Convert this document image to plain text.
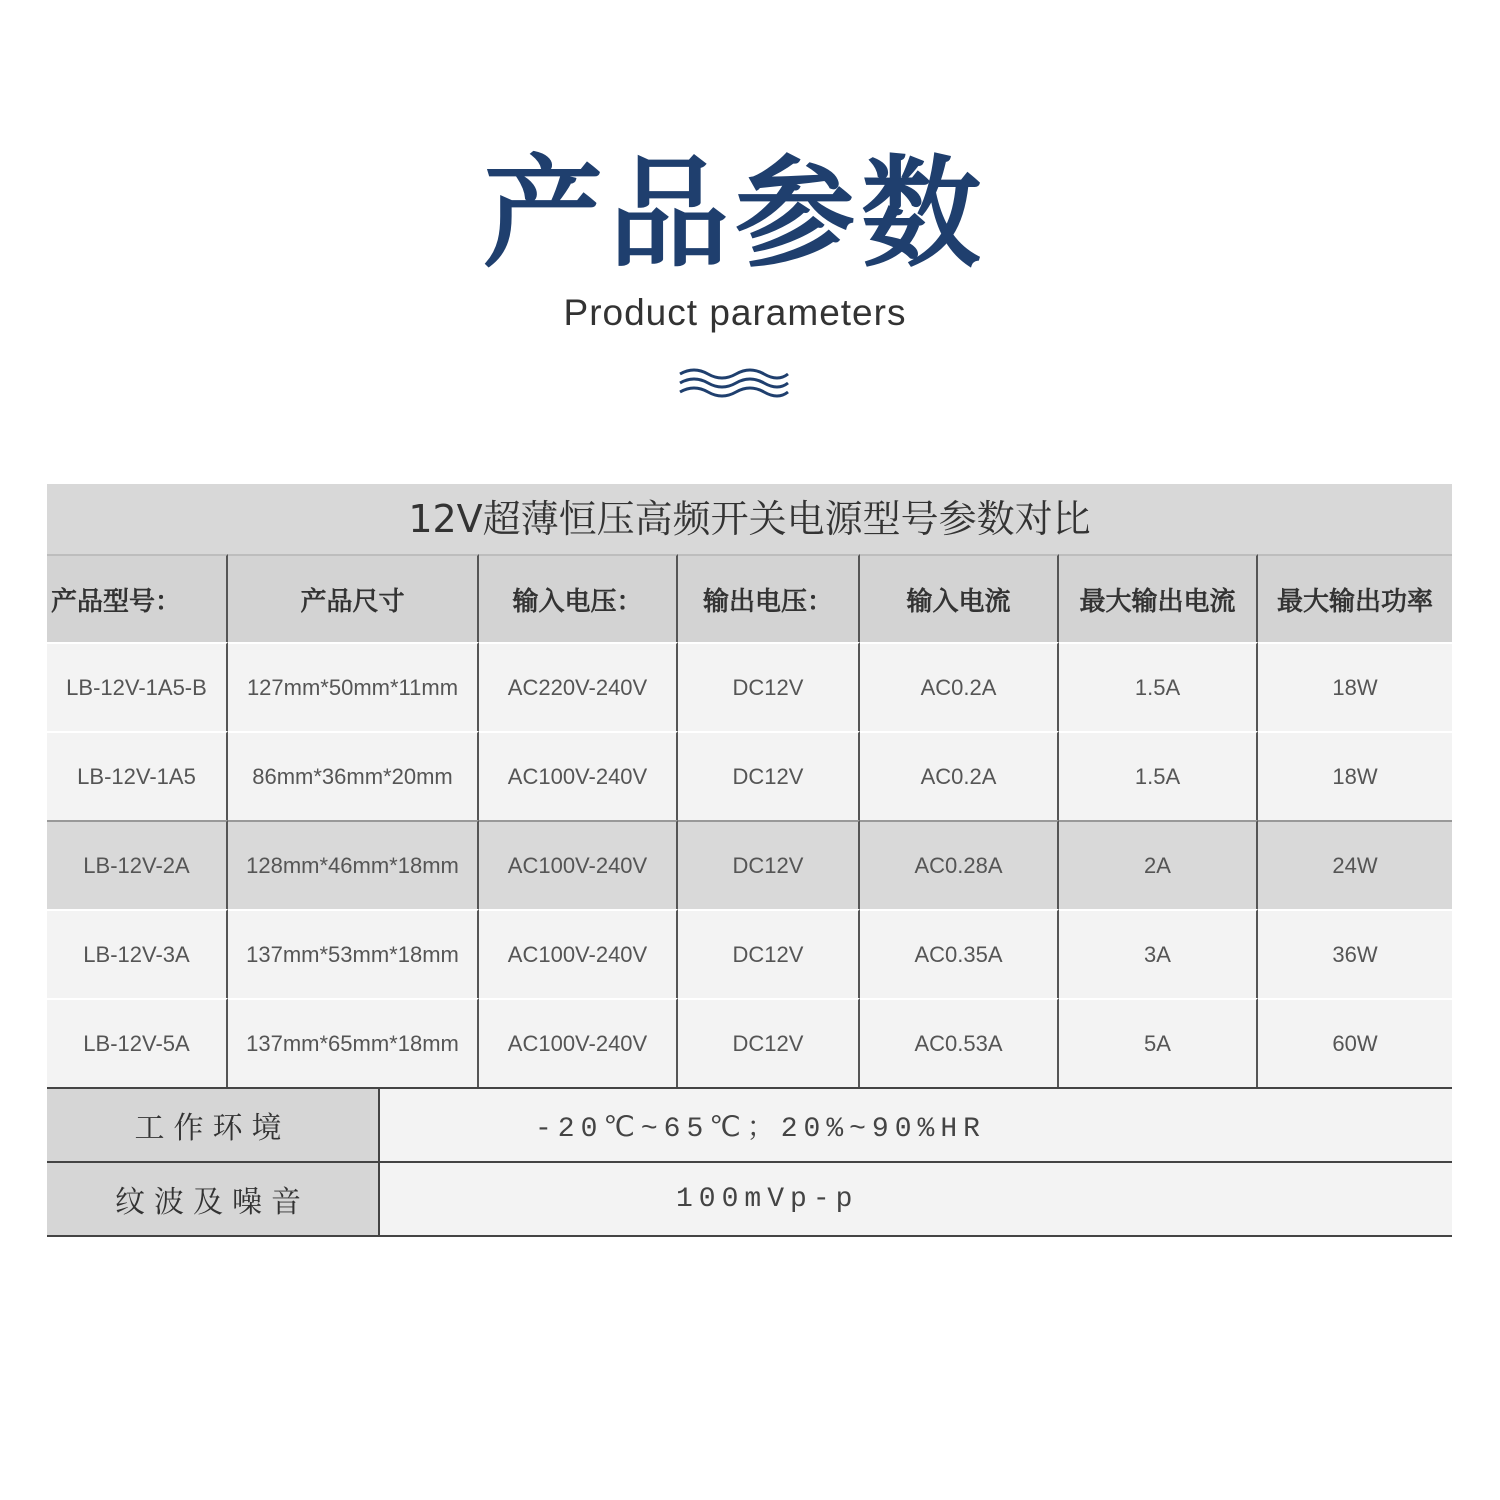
产品参数
Product parameters
12V超薄恒压高频开关电源型号参数对比
产品型号：	产品尺寸	输入电压：	输出电压：	输入电流	最大输出电流	最大输出功率
LB-12V-1A5-B	127mm*50mm*11mm	AC220V-240V	DC12V	AC0.2A	1.5A	18W
LB-12V-1A5	86mm*36mm*20mm	AC100V-240V	DC12V	AC0.2A	1.5A	18W
LB-12V-2A	128mm*46mm*18mm	AC100V-240V	DC12V	AC0.28A	2A	24W
LB-12V-3A	137mm*53mm*18mm	AC100V-240V	DC12V	AC0.35A	3A	36W
LB-12V-5A	137mm*65mm*18mm	AC100V-240V	DC12V	AC0.53A	5A	60W
工作环境	-20℃~65℃；20%~90%HR
纹波及噪音	100mVp-p
